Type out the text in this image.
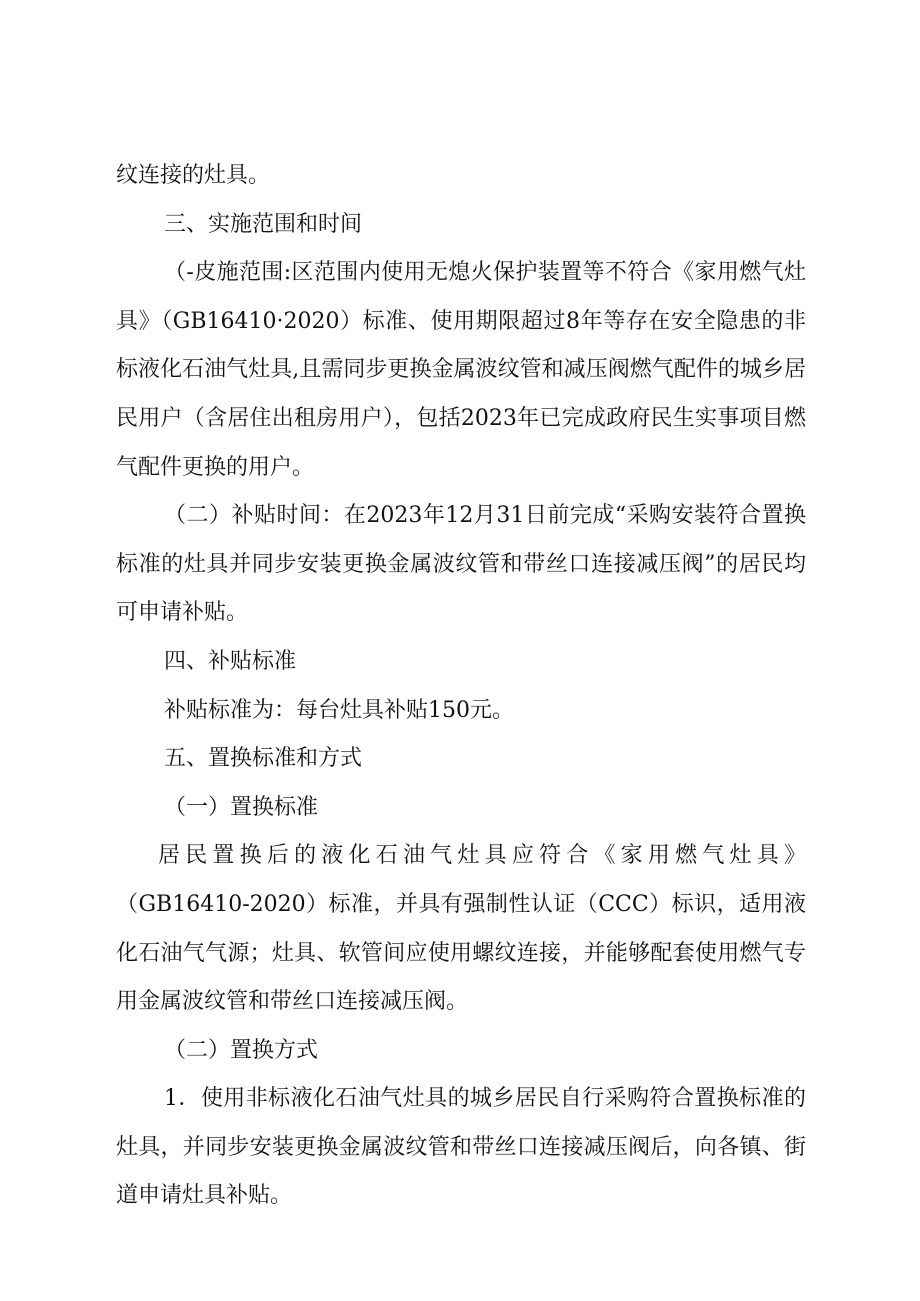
纹连接的灶具。

三、实施范围和时间

（-皮施范围:区范围内使用无熄火保护装置等不符合《家用燃气灶具》（GB16410·2020）标准、使用期限超过8年等存在安全隐患的非标液化石油气灶具,且需同步更换金属波纹管和减压阀燃气配件的城乡居民用户（含居住出租房用户），包括2023年已完成政府民生实事项目燃气配件更换的用户。

（二）补贴时间：在2023年12月31日前完成“采购安装符合置换标准的灶具并同步安装更换金属波纹管和带丝口连接减压阀”的居民均可申请补贴。

四、补贴标准

补贴标准为：每台灶具补贴150元。

五、置换标准和方式

（一）置换标准

居民置换后的液化石油气灶具应符合《家用燃气灶具》（GB16410-2020）标准，并具有强制性认证（CCC）标识，适用液化石油气气源；灶具、软管间应使用螺纹连接，并能够配套使用燃气专用金属波纹管和带丝口连接减压阀。

（二）置换方式

1．使用非标液化石油气灶具的城乡居民自行采购符合置换标准的灶具，并同步安装更换金属波纹管和带丝口连接减压阀后，向各镇、街道申请灶具补贴。
